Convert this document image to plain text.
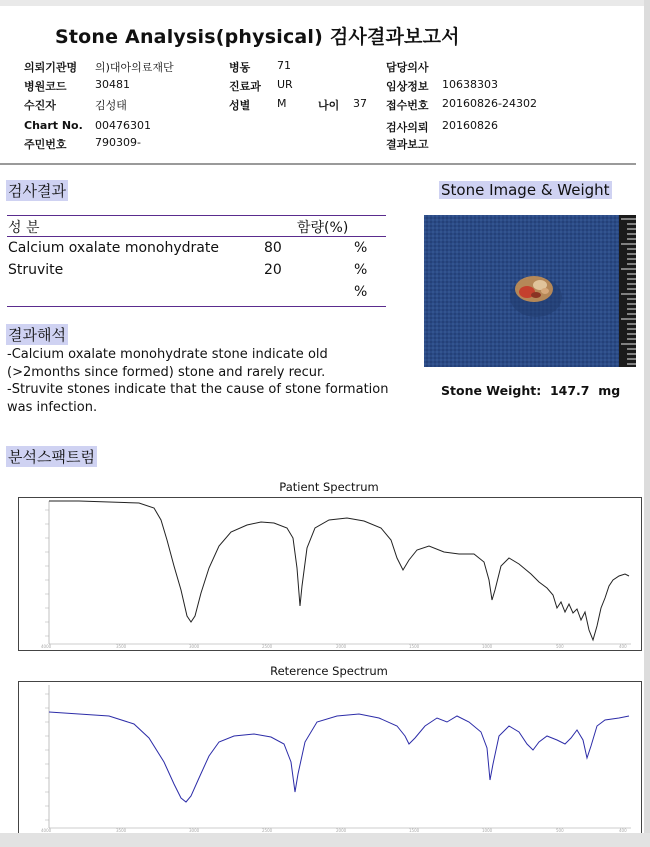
Stone Analysis(physical) 검사결과보고서
의뢰기관명 의)대아의료재단	병동 71	담당의사
병원코드	30481	진료과 UR	임상정보 10638303
수진자	김성태	성별 M	나이 37 접수번호 20160826-24302
Chart No. 00476301	검사의뢰 20160826
주민번호	790309-	결과보고
검사결과
성 분	함량(%)
Calcium oxalate monohydrate	80	%
Struvite	20	%
%
결과해석

-Calcium oxalate monohydrate stone indicate old (>2months since formed) stone and rarely recur.

-Struvite stones indicate that the cause of stone formation was infection.

Stone Image & Weight
Stone Weight: 147.7 mg
분석스팩트럼
Patient Spectrum
4000	3500	3000	2500	2000	1500	1000	500	400
Reterence Spectrum
4000	3500	3000	2500	2000	1500	1000	500	400
